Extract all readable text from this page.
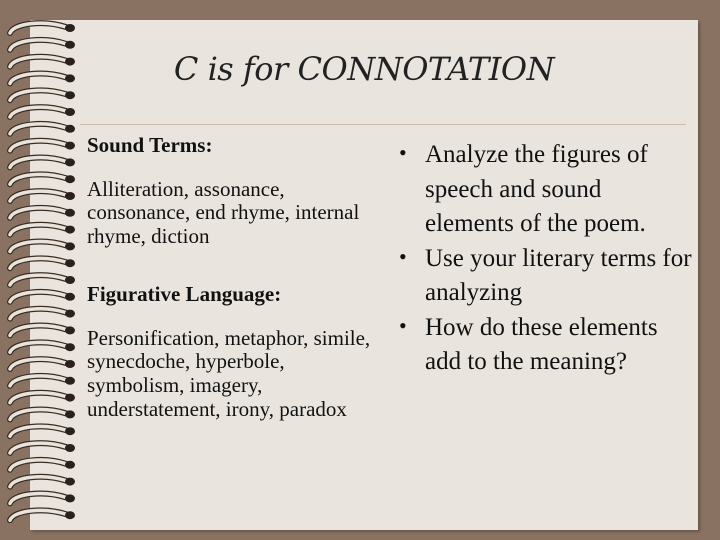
C is for CONNOTATION

Sound Terms:

Alliteration, assonance, consonance, end rhyme, internal rhyme, diction

Figurative Language:

Personification, metaphor, simile, synecdoche, hyperbole, symbolism, imagery, understatement, irony, paradox

• Analyze the figures of speech and sound elements of the poem.
• Use your literary terms for analyzing
• How do these elements add to the meaning?
